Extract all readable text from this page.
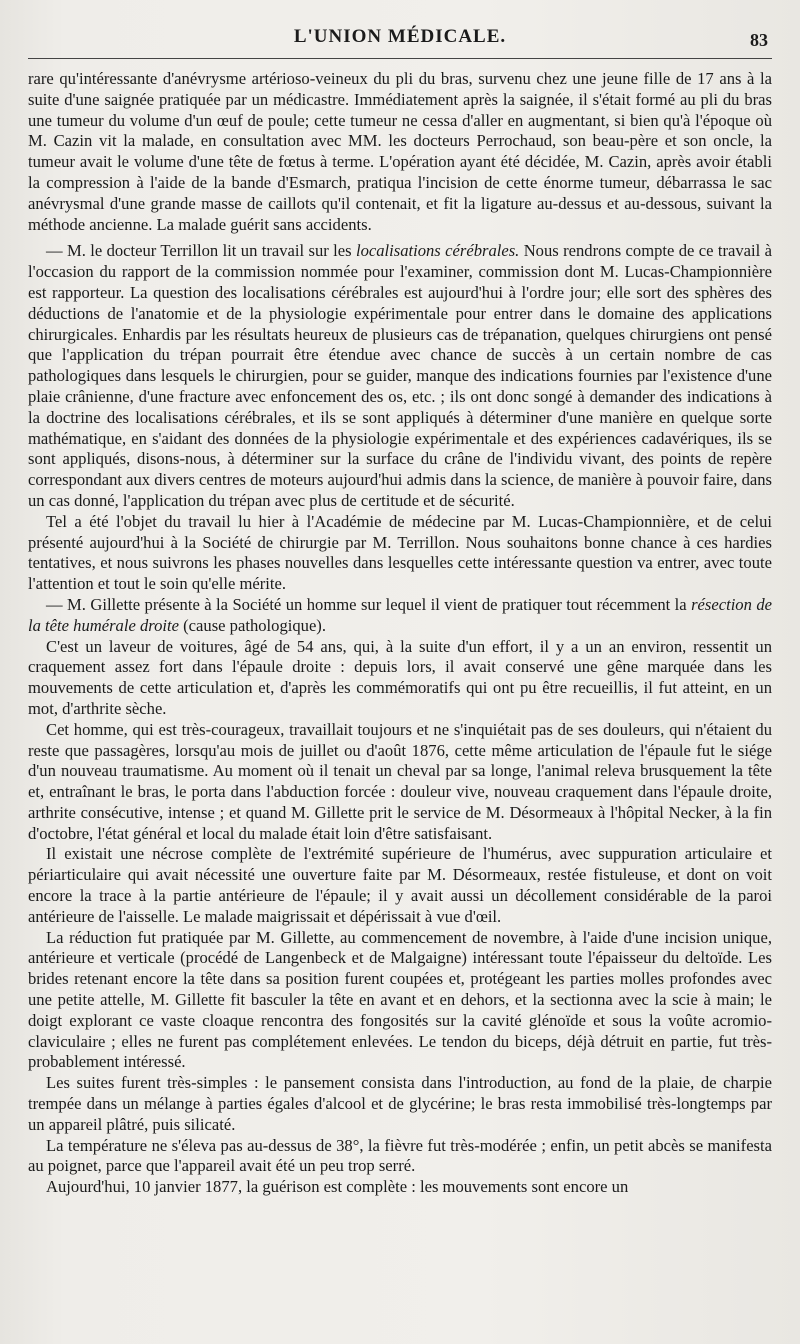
L'UNION MÉDICALE.	83

rare qu'intéressante d'anévrysme artérioso-veineux du pli du bras, survenu chez une jeune fille de 17 ans à la suite d'une saignée pratiquée par un médicastre. Immédiatement après la saignée, il s'était formé au pli du bras une tumeur du volume d'un œuf de poule; cette tumeur ne cessa d'aller en augmentant, si bien qu'à l'époque où M. Cazin vit la malade, en consultation avec MM. les docteurs Perrochaud, son beau-père et son oncle, la tumeur avait le volume d'une tête de fœtus à terme. L'opération ayant été décidée, M. Cazin, après avoir établi la compression à l'aide de la bande d'Esmarch, pratiqua l'incision de cette énorme tumeur, débarrassa le sac anévrysmal d'une grande masse de caillots qu'il contenait, et fit la ligature au-dessus et au-dessous, suivant la méthode ancienne. La malade guérit sans accidents.

— M. le docteur Terrillon lit un travail sur les localisations cérébrales. Nous rendrons compte de ce travail à l'occasion du rapport de la commission nommée pour l'examiner, commission dont M. Lucas-Championnière est rapporteur. La question des localisations cérébrales est aujourd'hui à l'ordre jour; elle sort des sphères des déductions de l'anatomie et de la physiologie expérimentale pour entrer dans le domaine des applications chirurgicales. Enhardis par les résultats heureux de plusieurs cas de trépanation, quelques chirurgiens ont pensé que l'application du trépan pourrait être étendue avec chance de succès à un certain nombre de cas pathologiques dans lesquels le chirurgien, pour se guider, manque des indications fournies par l'existence d'une plaie crânienne, d'une fracture avec enfoncement des os, etc. ; ils ont donc songé à demander des indications à la doctrine des localisations cérébrales, et ils se sont appliqués à déterminer d'une manière en quelque sorte mathématique, en s'aidant des données de la physiologie expérimentale et des expériences cadavériques, ils se sont appliqués, disons-nous, à déterminer sur la surface du crâne de l'individu vivant, des points de repère correspondant aux divers centres de moteurs aujourd'hui admis dans la science, de manière à pouvoir faire, dans un cas donné, l'application du trépan avec plus de certitude et de sécurité.

Tel a été l'objet du travail lu hier à l'Académie de médecine par M. Lucas-Championnière, et de celui présenté aujourd'hui à la Société de chirurgie par M. Terrillon. Nous souhaitons bonne chance à ces hardies tentatives, et nous suivrons les phases nouvelles dans lesquelles cette intéressante question va entrer, avec toute l'attention et tout le soin qu'elle mérite.

— M. Gillette présente à la Société un homme sur lequel il vient de pratiquer tout récemment la résection de la tête humérale droite (cause pathologique).

C'est un laveur de voitures, âgé de 54 ans, qui, à la suite d'un effort, il y a un an environ, ressentit un craquement assez fort dans l'épaule droite : depuis lors, il avait conservé une gêne marquée dans les mouvements de cette articulation et, d'après les commémoratifs qui ont pu être recueillis, il fut atteint, en un mot, d'arthrite sèche.

Cet homme, qui est très-courageux, travaillait toujours et ne s'inquiétait pas de ses douleurs, qui n'étaient du reste que passagères, lorsqu'au mois de juillet ou d'août 1876, cette même articulation de l'épaule fut le siége d'un nouveau traumatisme. Au moment où il tenait un cheval par sa longe, l'animal releva brusquement la tête et, entraînant le bras, le porta dans l'abduction forcée : douleur vive, nouveau craquement dans l'épaule droite, arthrite consécutive, intense ; et quand M. Gillette prit le service de M. Désormeaux à l'hôpital Necker, à la fin d'octobre, l'état général et local du malade était loin d'être satisfaisant.

Il existait une nécrose complète de l'extrémité supérieure de l'humérus, avec suppuration articulaire et périarticulaire qui avait nécessité une ouverture faite par M. Désormeaux, restée fistuleuse, et dont on voit encore la trace à la partie antérieure de l'épaule; il y avait aussi un décollement considérable de la paroi antérieure de l'aisselle. Le malade maigrissait et dépérissait à vue d'œil.

La réduction fut pratiquée par M. Gillette, au commencement de novembre, à l'aide d'une incision unique, antérieure et verticale (procédé de Langenbeck et de Malgaigne) intéressant toute l'épaisseur du deltoïde. Les brides retenant encore la tête dans sa position furent coupées et, protégeant les parties molles profondes avec une petite attelle, M. Gillette fit basculer la tête en avant et en dehors, et la sectionna avec la scie à main; le doigt explorant ce vaste cloaque rencontra des fongosités sur la cavité glénoïde et sous la voûte acromio-claviculaire ; elles ne furent pas complétement enlevées. Le tendon du biceps, déjà détruit en partie, fut très-probablement intéressé.

Les suites furent très-simples : le pansement consista dans l'introduction, au fond de la plaie, de charpie trempée dans un mélange à parties égales d'alcool et de glycérine; le bras resta immobilisé très-longtemps par un appareil plâtré, puis silicaté.

La température ne s'éleva pas au-dessus de 38°, la fièvre fut très-modérée ; enfin, un petit abcès se manifesta au poignet, parce que l'appareil avait été un peu trop serré.

Aujourd'hui, 10 janvier 1877, la guérison est complète : les mouvements sont encore un
